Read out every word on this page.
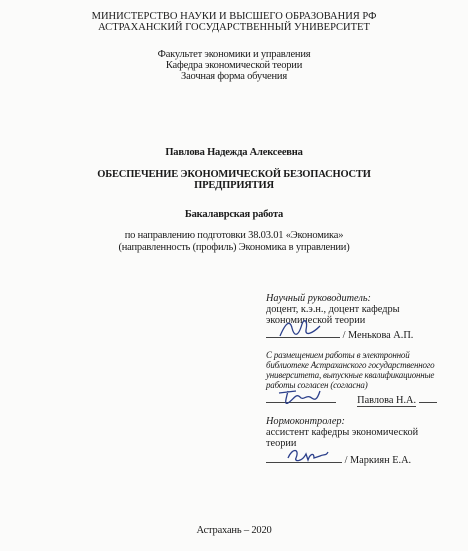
МИНИСТЕРСТВО НАУКИ И ВЫСШЕГО ОБРАЗОВАНИЯ РФ
АСТРАХАНСКИЙ ГОСУДАРСТВЕННЫЙ УНИВЕРСИТЕТ
Факультет экономики и управления
Кафедра экономической теории
Заочная форма обучения
Павлова Надежда Алексеевна
ОБЕСПЕЧЕНИЕ ЭКОНОМИЧЕСКОЙ БЕЗОПАСНОСТИ
ПРЕДПРИЯТИЯ
Бакалаврская работа
по направлению подготовки 38.03.01 «Экономика»
(направленность (профиль) Экономика в управлении)
Научный руководитель:
доцент, к.э.н., доцент кафедры
экономической теории
/ Менькова А.П.
С размещением работы в электронной
библиотеке Астраханского государственного
университета, выпускные квалификационные
работы согласен (согласна)
Павлова Н.А.
Нормоконтролер:
ассистент кафедры экономической
теории
/ Маркиян Е.А.
Астрахань – 2020
